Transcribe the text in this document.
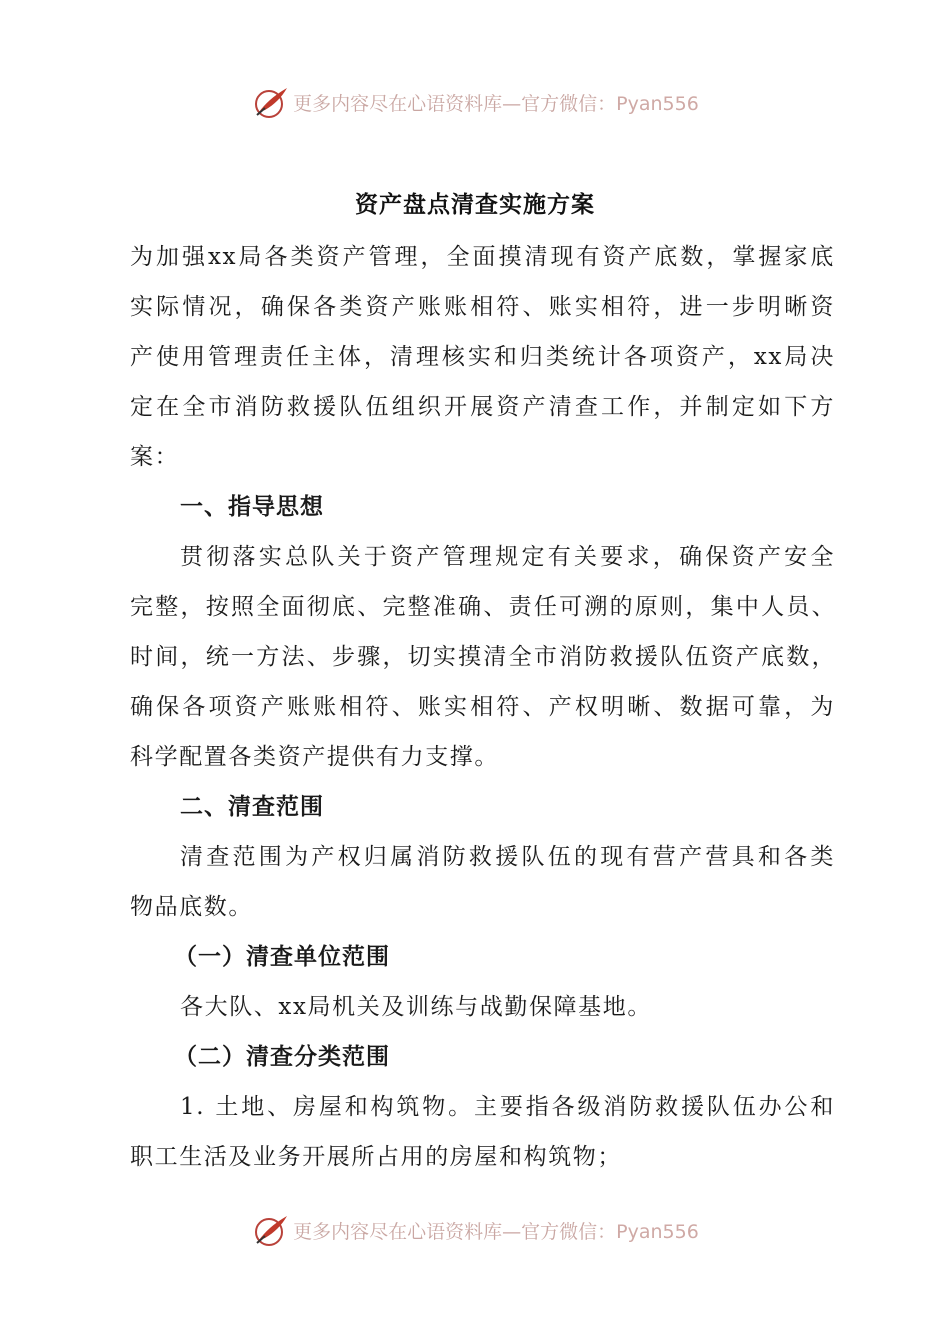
更多内容尽在心语资料库—官方微信：Pyan556
资产盘点清查实施方案
为加强xx局各类资产管理，全面摸清现有资产底数，掌握家底
实际情况，确保各类资产账账相符、账实相符，进一步明晰资
产使用管理责任主体，清理核实和归类统计各项资产，xx局决
定在全市消防救援队伍组织开展资产清查工作，并制定如下方
案：
一、指导思想
贯彻落实总队关于资产管理规定有关要求，确保资产安全
完整，按照全面彻底、完整准确、责任可溯的原则，集中人员、
时间，统一方法、步骤，切实摸清全市消防救援队伍资产底数，
确保各项资产账账相符、账实相符、产权明晰、数据可靠，为
科学配置各类资产提供有力支撑。
二、清查范围
清查范围为产权归属消防救援队伍的现有营产营具和各类
物品底数。
（一）清查单位范围
各大队、xx局机关及训练与战勤保障基地。
（二）清查分类范围
1. 土地、房屋和构筑物。主要指各级消防救援队伍办公和
职工生活及业务开展所占用的房屋和构筑物；
更多内容尽在心语资料库—官方微信：Pyan556
